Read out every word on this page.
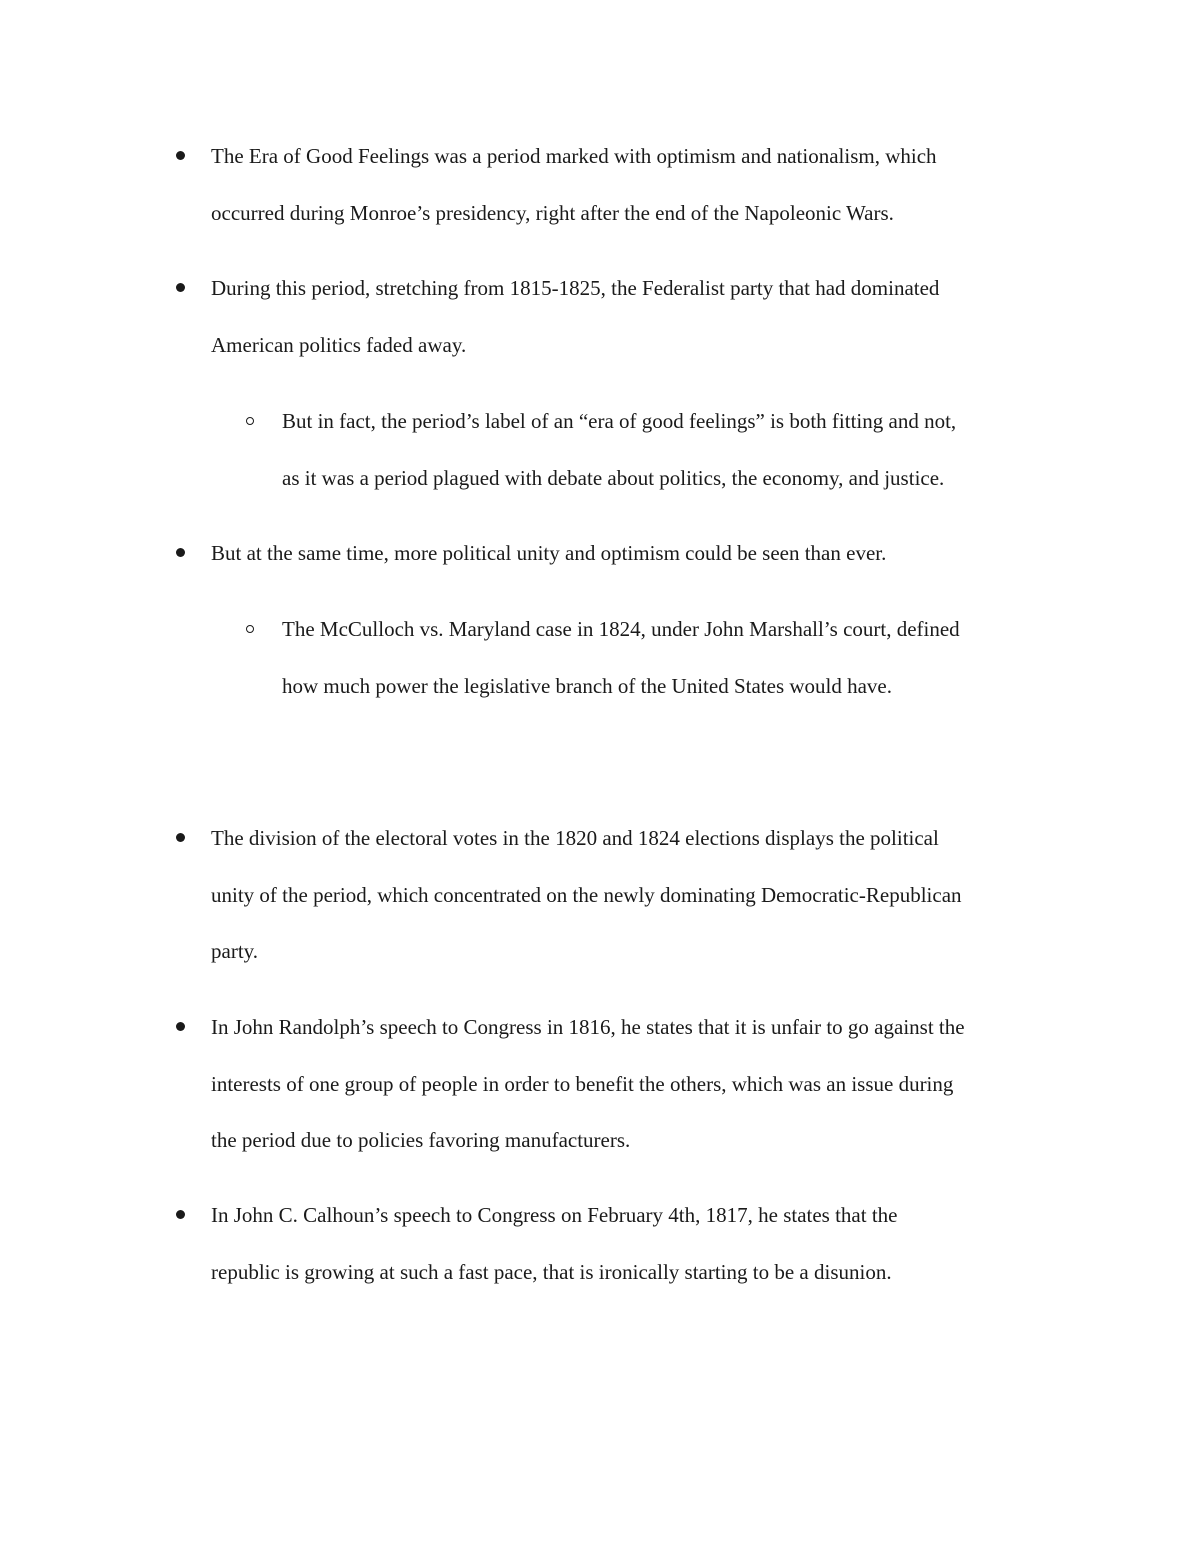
The Era of Good Feelings was a period marked with optimism and nationalism, which
occurred during Monroe’s presidency, right after the end of the Napoleonic Wars.
During this period, stretching from 1815-1825, the Federalist party that had dominated
American politics faded away.
But in fact, the period’s label of an “era of good feelings” is both fitting and not,
as it was a period plagued with debate about politics, the economy, and justice.
But at the same time, more political unity and optimism could be seen than ever.
The McCulloch vs. Maryland case in 1824, under John Marshall’s court, defined
how much power the legislative branch of the United States would have.
The division of the electoral votes in the 1820 and 1824 elections displays the political
unity of the period, which concentrated on the newly dominating Democratic-Republican
party.
In John Randolph’s speech to Congress in 1816, he states that it is unfair to go against the
interests of one group of people in order to benefit the others, which was an issue during
the period due to policies favoring manufacturers.
In John C. Calhoun’s speech to Congress on February 4th, 1817, he states that the
republic is growing at such a fast pace, that is ironically starting to be a disunion.
